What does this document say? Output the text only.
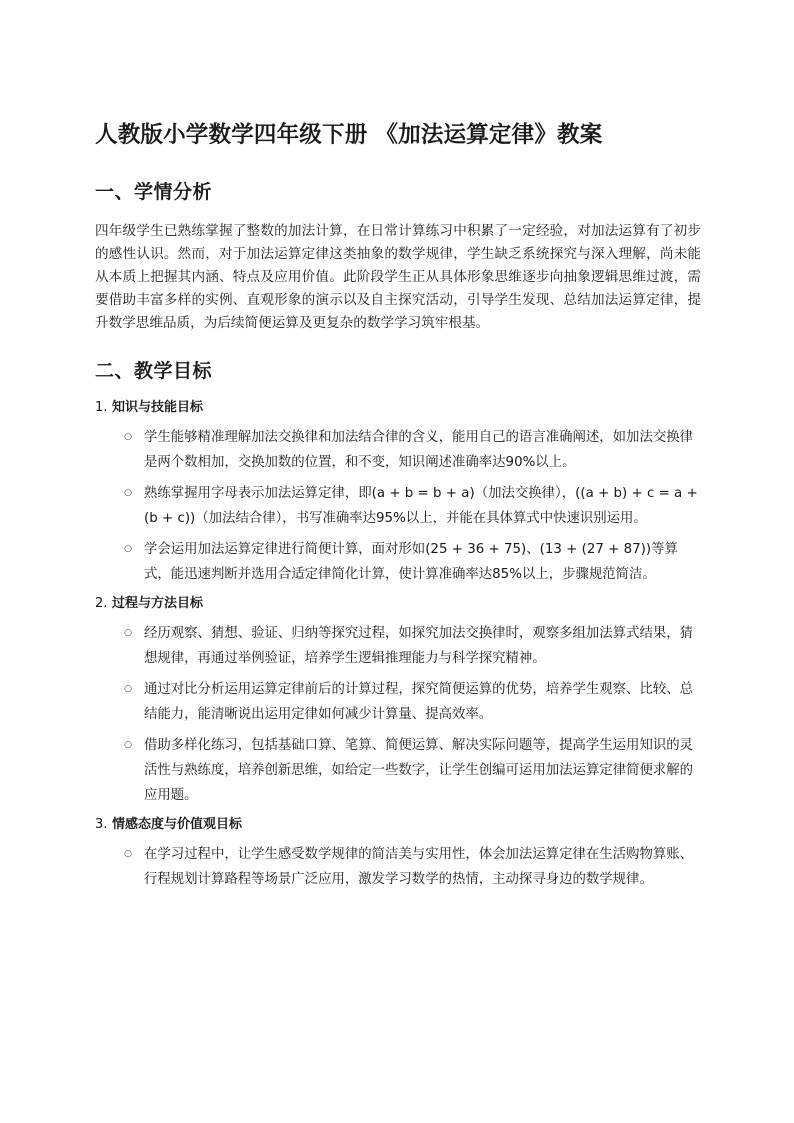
人教版小学数学四年级下册 《加法运算定律》教案
一、学情分析

四年级学生已熟练掌握了整数的加法计算，在日常计算练习中积累了一定经验，对加法运算有了初步的感性认识。然而，对于加法运算定律这类抽象的数学规律，学生缺乏系统探究与深入理解，尚未能从本质上把握其内涵、特点及应用价值。此阶段学生正从具体形象思维逐步向抽象逻辑思维过渡，需要借助丰富多样的实例、直观形象的演示以及自主探究活动，引导学生发现、总结加法运算定律，提升数学思维品质，为后续简便运算及更复杂的数学学习筑牢根基。

二、教学目标
1. 知识与技能目标
○ 学生能够精准理解加法交换律和加法结合律的含义，能用自己的语言准确阐述，如加法交换律是两个数相加，交换加数的位置，和不变，知识阐述准确率达90%以上。
○ 熟练掌握用字母表示加法运算定律，即(a + b = b + a)（加法交换律），((a + b) + c = a + (b + c))（加法结合律），书写准确率达95%以上，并能在具体算式中快速识别运用。
○ 学会运用加法运算定律进行简便计算，面对形如(25 + 36 + 75)、(13 + (27 + 87))等算式，能迅速判断并选用合适定律简化计算，使计算准确率达85%以上，步骤规范简洁。
2. 过程与方法目标
○ 经历观察、猜想、验证、归纳等探究过程，如探究加法交换律时，观察多组加法算式结果，猜想规律，再通过举例验证，培养学生逻辑推理能力与科学探究精神。
○ 通过对比分析运用运算定律前后的计算过程，探究简便运算的优势，培养学生观察、比较、总结能力，能清晰说出运用定律如何减少计算量、提高效率。
○ 借助多样化练习，包括基础口算、笔算、简便运算、解决实际问题等，提高学生运用知识的灵活性与熟练度，培养创新思维，如给定一些数字，让学生创编可运用加法运算定律简便求解的应用题。
3. 情感态度与价值观目标
○ 在学习过程中，让学生感受数学规律的简洁美与实用性，体会加法运算定律在生活购物算账、行程规划计算路程等场景广泛应用，激发学习数学的热情，主动探寻身边的数学规律。
